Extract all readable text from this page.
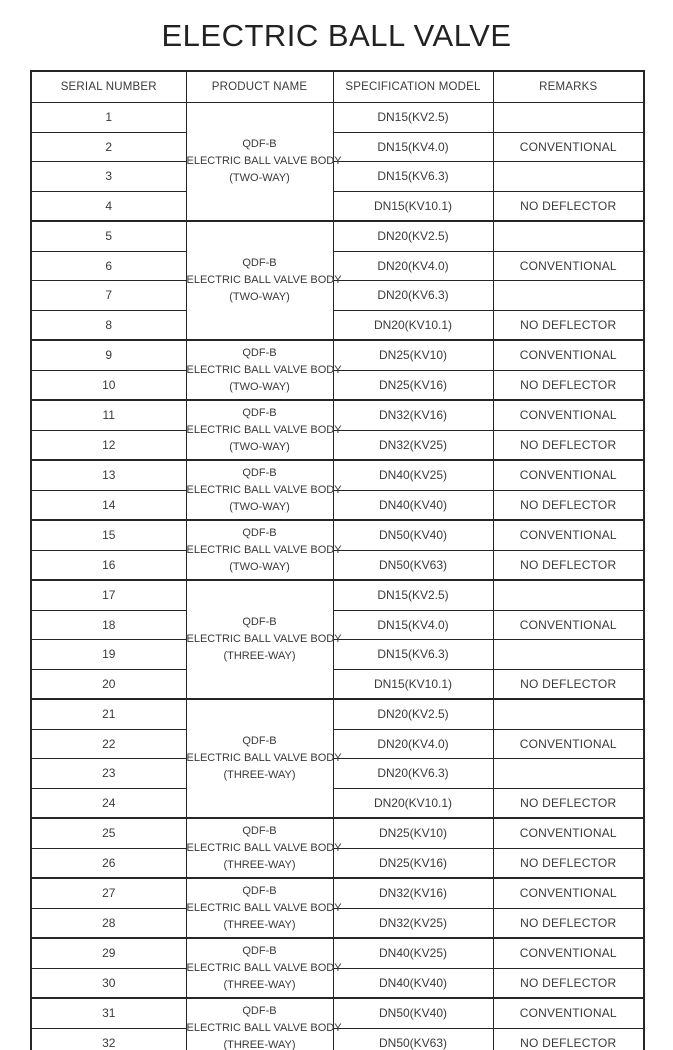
ELECTRIC BALL VALVE
SERIAL NUMBER	PRODUCT NAME	SPECIFICATION MODEL	REMARKS
1	QDF-B
ELECTRIC BALL VALVE BODY
(TWO-WAY)	DN15(KV2.5)	
2		DN15(KV4.0)	CONVENTIONAL
3		DN15(KV6.3)	
4		DN15(KV10.1)	NO DEFLECTOR
5	QDF-B
ELECTRIC BALL VALVE BODY
(TWO-WAY)	DN20(KV2.5)	
6		DN20(KV4.0)	CONVENTIONAL
7		DN20(KV6.3)	
8		DN20(KV10.1)	NO DEFLECTOR
9	QDF-B
ELECTRIC BALL VALVE BODY
(TWO-WAY)	DN25(KV10)	CONVENTIONAL
10		DN25(KV16)	NO DEFLECTOR
11	QDF-B
ELECTRIC BALL VALVE BODY
(TWO-WAY)	DN32(KV16)	CONVENTIONAL
12		DN32(KV25)	NO DEFLECTOR
13	QDF-B
ELECTRIC BALL VALVE BODY
(TWO-WAY)	DN40(KV25)	CONVENTIONAL
14		DN40(KV40)	NO DEFLECTOR
15	QDF-B
ELECTRIC BALL VALVE BODY
(TWO-WAY)	DN50(KV40)	CONVENTIONAL
16		DN50(KV63)	NO DEFLECTOR
17	QDF-B
ELECTRIC BALL VALVE BODY
(THREE-WAY)	DN15(KV2.5)	
18		DN15(KV4.0)	CONVENTIONAL
19		DN15(KV6.3)	
20		DN15(KV10.1)	NO DEFLECTOR
21	QDF-B
ELECTRIC BALL VALVE BODY
(THREE-WAY)	DN20(KV2.5)	
22		DN20(KV4.0)	CONVENTIONAL
23		DN20(KV6.3)	
24		DN20(KV10.1)	NO DEFLECTOR
25	QDF-B
ELECTRIC BALL VALVE BODY
(THREE-WAY)	DN25(KV10)	CONVENTIONAL
26		DN25(KV16)	NO DEFLECTOR
27	QDF-B
ELECTRIC BALL VALVE BODY
(THREE-WAY)	DN32(KV16)	CONVENTIONAL
28		DN32(KV25)	NO DEFLECTOR
29	QDF-B
ELECTRIC BALL VALVE BODY
(THREE-WAY)	DN40(KV25)	CONVENTIONAL
30		DN40(KV40)	NO DEFLECTOR
31	QDF-B
ELECTRIC BALL VALVE BODY
(THREE-WAY)	DN50(KV40)	CONVENTIONAL
32		DN50(KV63)	NO DEFLECTOR
